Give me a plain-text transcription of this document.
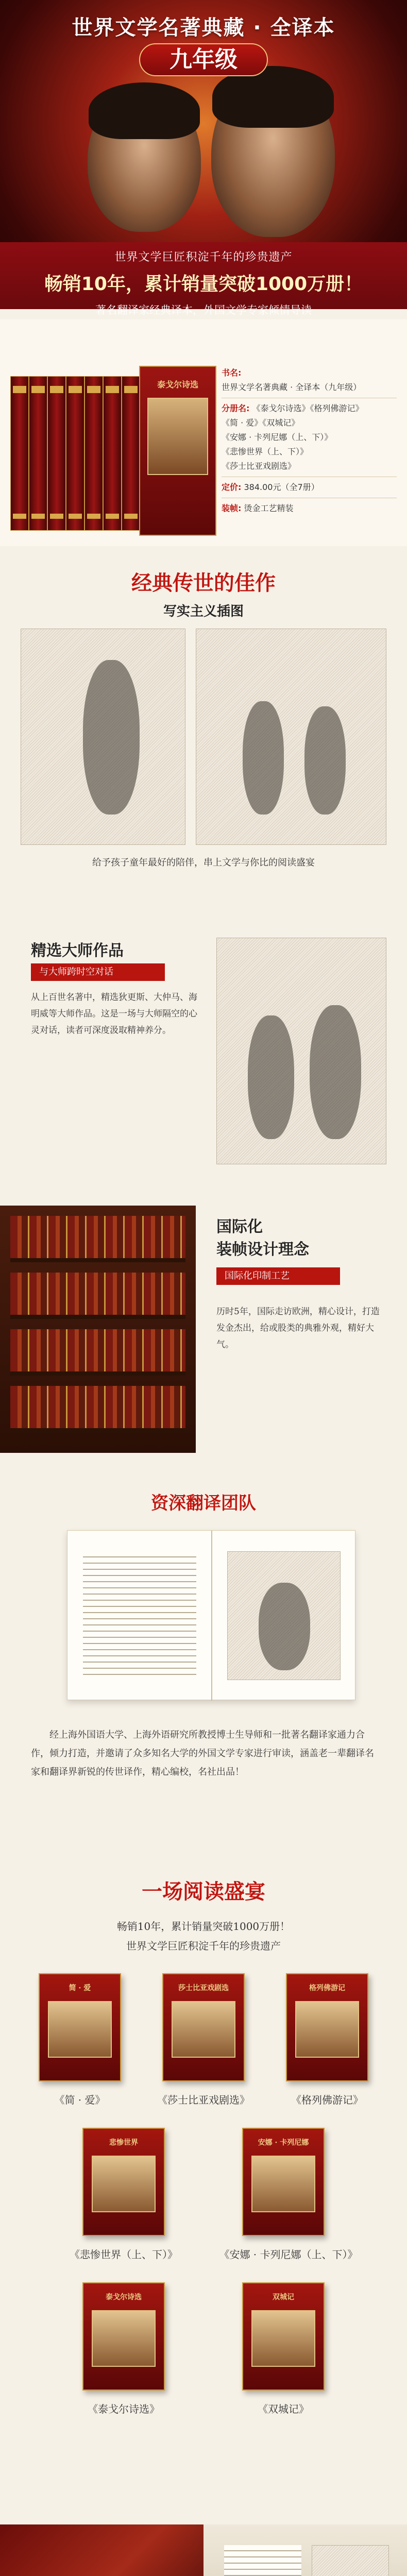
世界文学名著典藏 · 全译本
九年级
世界文学巨匠积淀千年的珍贵遗产
畅销10年，累计销量突破1000万册！
著名翻译家经典译本，外国文学专家倾情导读
泰戈尔诗选
书名:
世界文学名著典藏 · 全译本（九年级）
分册名: 《泰戈尔诗选》《格列佛游记》
《简 · 爱》《双城记》
《安娜 · 卡列尼娜（上、下）》
《悲惨世界（上、下）》
《莎士比亚戏剧选》
定价: 384.00元（全7册）
装帧: 烫金工艺精装
经典传世的佳作
写实主义插图
给予孩子童年最好的陪伴，串上文学与你比的阅读盛宴
精选大师作品
与大师跨时空对话
从上百世名著中，精选狄更斯、大仲马、海明威等大师作品。这是一场与大师隔空的心灵对话，读者可深度汲取精神养分。
国际化
装帧设计理念
国际化印制工艺
历时5年，国际走访欧洲，精心设计，打造发金杰出，给或股类的典雅外观，精好大气。
资深翻译团队
经上海外国语大学、上海外语研究所教授博士生导师和一批著名翻译家通力合作，倾力打造，并邀请了众多知名大学的外国文学专家进行审读，涵盖老一辈翻译名家和翻译界新锐的传世译作，精心编校，名社出品！
一场阅读盛宴
畅销10年，累计销量突破1000万册！
世界文学巨匠积淀千年的珍贵遗产
简 · 爱
《简 · 爱》
莎士比亚戏剧选
《莎士比亚戏剧选》
格列佛游记
《格列佛游记》
悲惨世界
《悲惨世界（上、下）》
安娜 · 卡列尼娜
《安娜 · 卡列尼娜（上、下）》
泰戈尔诗选
《泰戈尔诗选》
双城记
《双城记》
